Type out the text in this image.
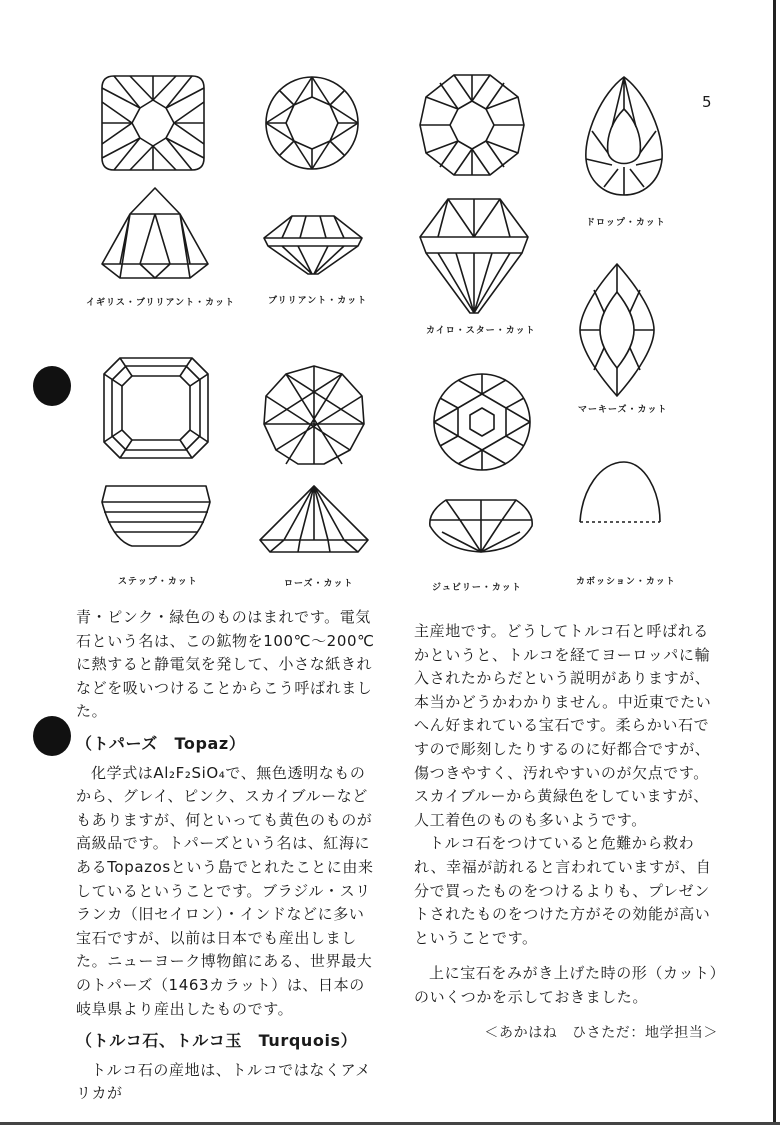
5
ドロップ・カット
イギリス・ブリリアント・カット	ブリリアント・カット
カイロ・スター・カット
マーキーズ・カット
ステップ・カット	ローズ・カット	ジュビリー・カット
カボッション・カット

青・ピンク・緑色のものはまれです。電気石という名は、この鉱物を100℃～200℃に熱すると静電気を発して、小さな紙きれなどを吸いつけることからこう呼ばれました。

（トパーズ　Topaz）

化学式はAl₂F₂SiO₄で、無色透明なものから、グレイ、ピンク、スカイブルーなどもありますが、何といっても黄色のものが高級品です。トパーズという名は、紅海にあるTopazosという島でとれたことに由来しているということです。ブラジル・スリランカ（旧セイロン）・インドなどに多い宝石ですが、以前は日本でも産出しました。ニューヨーク博物館にある、世界最大のトパーズ（1463カラット）は、日本の岐阜県より産出したものです。

（トルコ石、トルコ玉　Turquois）

トルコ石の産地は、トルコではなくアメリカが

主産地です。どうしてトルコ石と呼ばれるかというと、トルコを経てヨーロッパに輸入されたからだという説明がありますが、本当かどうかわかりません。中近東でたいへん好まれている宝石です。柔らかい石ですので彫刻したりするのに好都合ですが、傷つきやすく、汚れやすいのが欠点です。スカイブルーから黄緑色をしていますが、人工着色のものも多いようです。

トルコ石をつけていると危難から救われ、幸福が訪れると言われていますが、自分で買ったものをつけるよりも、プレゼントされたものをつけた方がその効能が高いということです。

上に宝石をみがき上げた時の形（カット）のいくつかを示しておきました。

＜あかはね　ひさただ：地学担当＞
